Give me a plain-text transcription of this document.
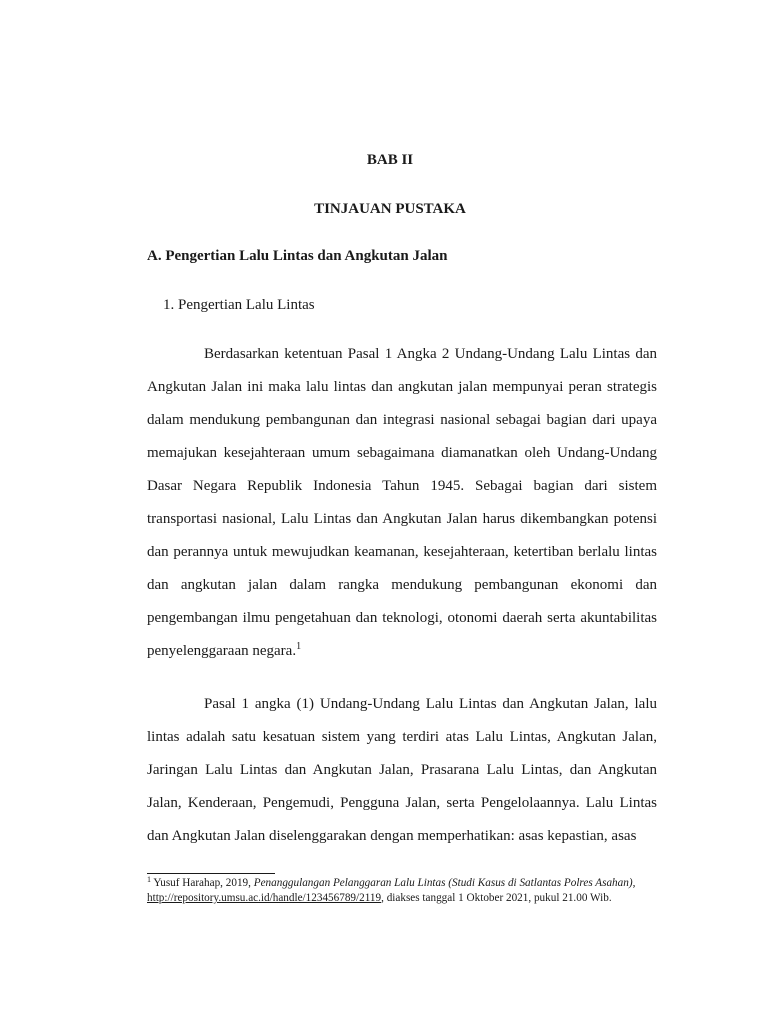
BAB II

TINJAUAN PUSTAKA

A. Pengertian Lalu Lintas dan Angkutan Jalan

1. Pengertian Lalu Lintas

Berdasarkan ketentuan Pasal 1 Angka 2 Undang-Undang Lalu Lintas dan Angkutan Jalan ini maka lalu lintas dan angkutan jalan mempunyai peran strategis dalam mendukung pembangunan dan integrasi nasional sebagai bagian dari upaya memajukan kesejahteraan umum sebagaimana diamanatkan oleh Undang-Undang Dasar Negara Republik Indonesia Tahun 1945. Sebagai bagian dari sistem transportasi nasional, Lalu Lintas dan Angkutan Jalan harus dikembangkan potensi dan perannya untuk mewujudkan keamanan, kesejahteraan, ketertiban berlalu lintas dan angkutan jalan dalam rangka mendukung pembangunan ekonomi dan pengembangan ilmu pengetahuan dan teknologi, otonomi daerah serta akuntabilitas penyelenggaraan negara.$^1$

Pasal 1 angka (1) Undang-Undang Lalu Lintas dan Angkutan Jalan, lalu lintas adalah satu kesatuan sistem yang terdiri atas Lalu Lintas, Angkutan Jalan, Jaringan Lalu Lintas dan Angkutan Jalan, Prasarana Lalu Lintas, dan Angkutan Jalan, Kenderaan, Pengemudi, Pengguna Jalan, serta Pengelolaannya. Lalu Lintas dan Angkutan Jalan diselenggarakan dengan memperhatikan: asas kepastian, asas

$^1$ Yusuf Harahap, 2019, Penanggulangan Pelanggaran Lalu Lintas (Studi Kasus di Satlantas Polres Asahan), http://repository.umsu.ac.id/handle/123456789/2119, diakses tanggal 1 Oktober 2021, pukul 21.00 Wib.
